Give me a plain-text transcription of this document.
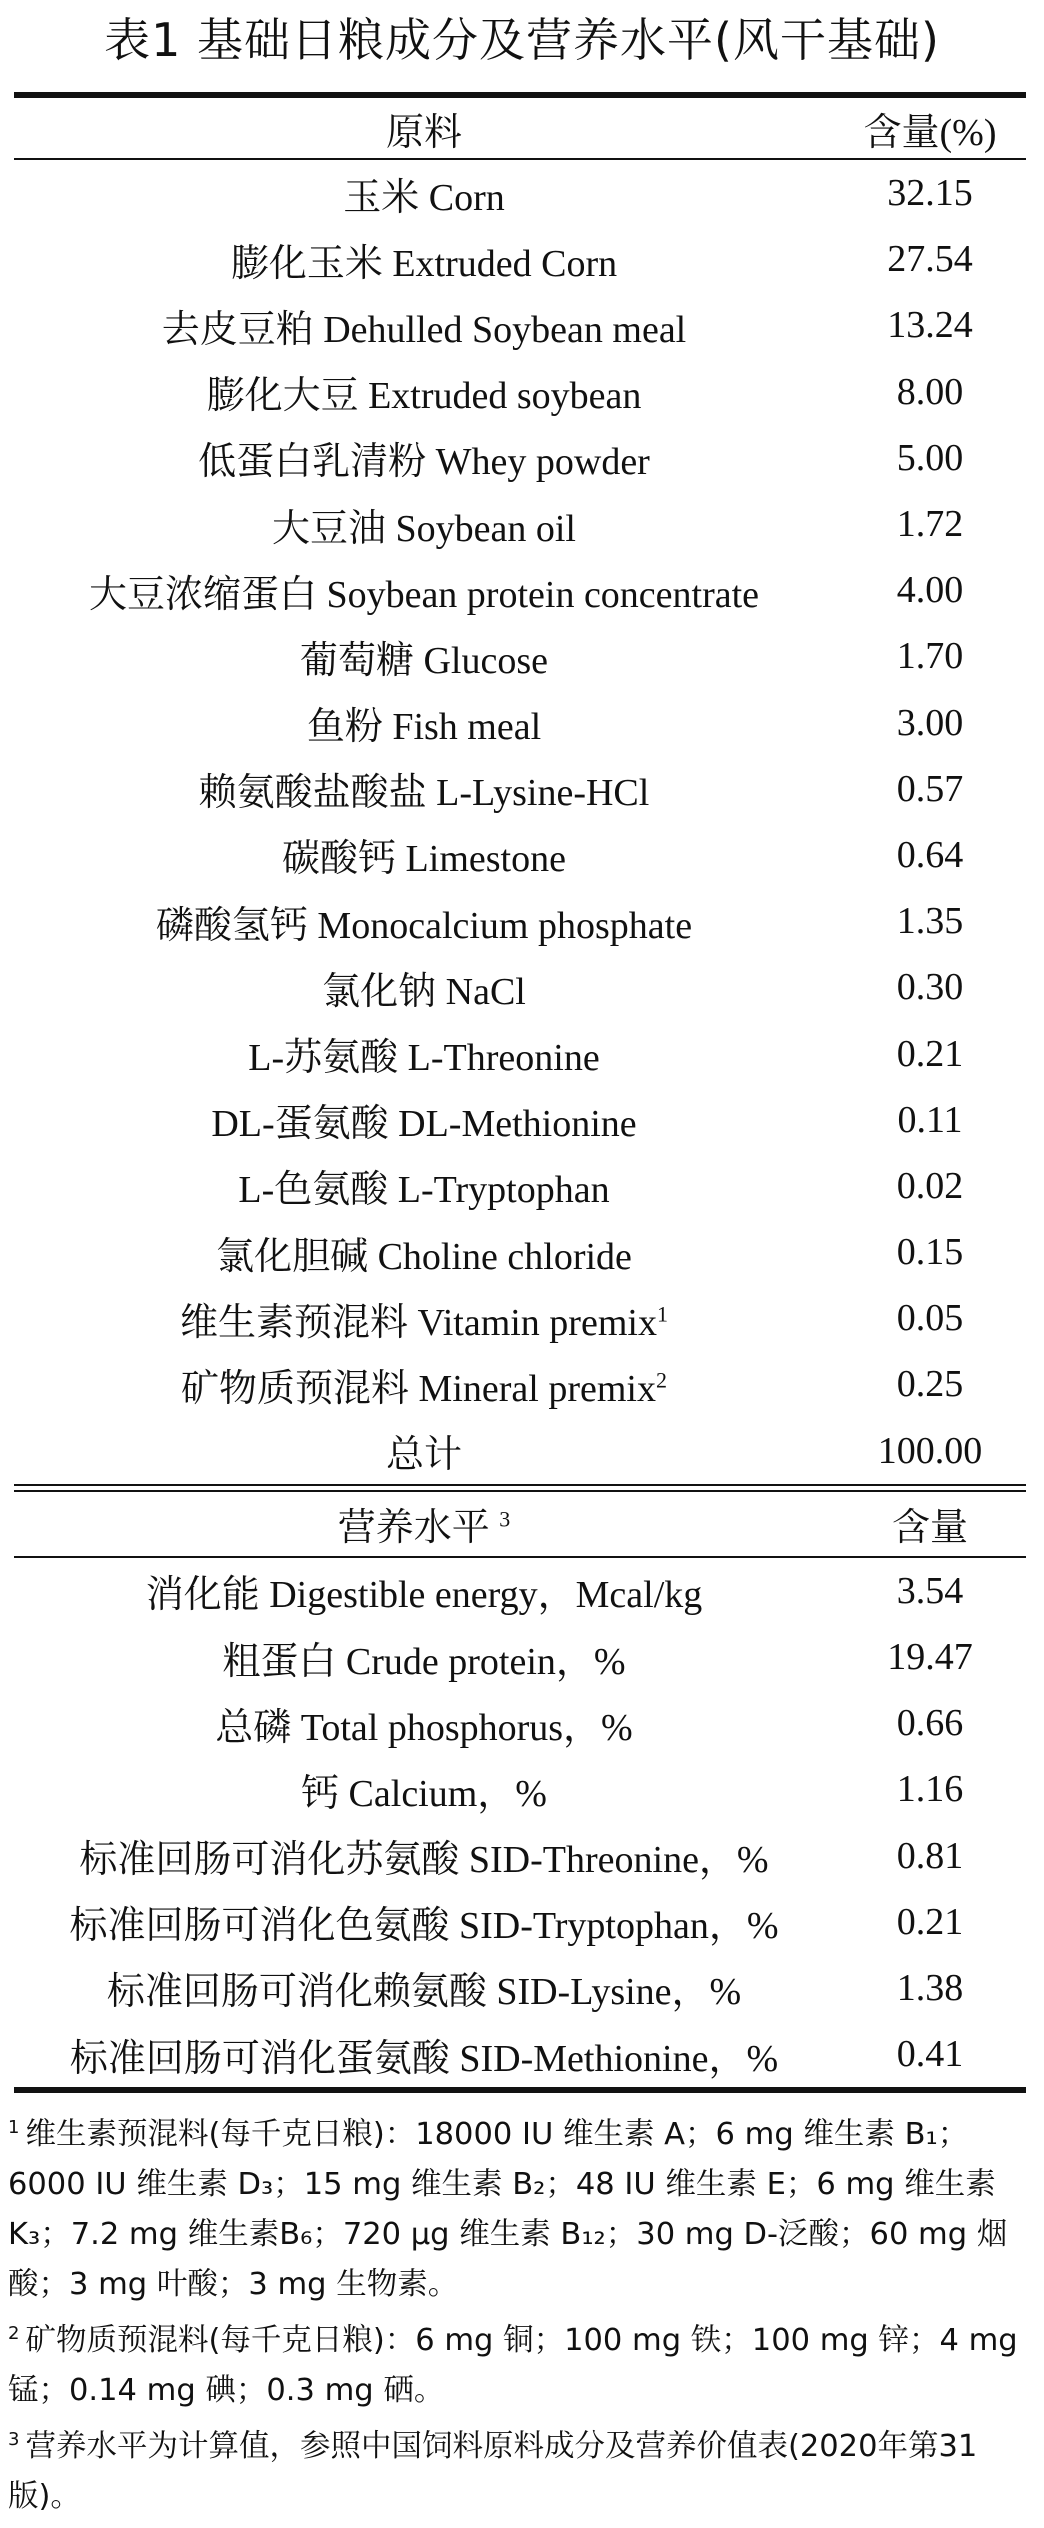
表1 基础日粮成分及营养水平(风干基础)
原料	含量(%)
玉米 Corn	32.15
膨化玉米 Extruded Corn	27.54
去皮豆粕 Dehulled Soybean meal	13.24
膨化大豆 Extruded soybean	8.00
低蛋白乳清粉 Whey powder	5.00
大豆油 Soybean oil	1.72
大豆浓缩蛋白 Soybean protein concentrate	4.00
葡萄糖 Glucose	1.70
鱼粉 Fish meal	3.00
赖氨酸盐酸盐 L-Lysine-HCl	0.57
碳酸钙 Limestone	0.64
磷酸氢钙 Monocalcium phosphate	1.35
氯化钠 NaCl	0.30
L-苏氨酸 L-Threonine	0.21
DL-蛋氨酸 DL-Methionine	0.11
L-色氨酸 L-Tryptophan	0.02
氯化胆碱 Choline chloride	0.15
维生素预混料 Vitamin premix$^1$	0.05
矿物质预混料 Mineral premix$^2$	0.25
总计	100.00
营养水平 $^3$	含量
消化能 Digestible energy，Mcal/kg	3.54
粗蛋白 Crude protein，%	19.47
总磷 Total phosphorus，%	0.66
钙 Calcium，%	1.16
标准回肠可消化苏氨酸 SID-Threonine，%	0.81
标准回肠可消化色氨酸 SID-Tryptophan，%	0.21
标准回肠可消化赖氨酸 SID-Lysine，%	1.38
标准回肠可消化蛋氨酸 SID-Methionine，%	0.41

$^1$ 维生素预混料(每千克日粮)：18000 IU 维生素 A；6 mg 维生素 B₁；6000 IU 维生素 D₃；15 mg 维生素 B₂；48 IU 维生素 E；6 mg 维生素 K₃；7.2 mg 维生素B₆；720 μg 维生素 B₁₂；30 mg D-泛酸；60 mg 烟酸；3 mg 叶酸；3 mg 生物素。

$^2$ 矿物质预混料(每千克日粮)：6 mg 铜；100 mg 铁；100 mg 锌；4 mg 锰；0.14 mg 碘；0.3 mg 硒。

$^3$ 营养水平为计算值，参照中国饲料原料成分及营养价值表(2020年第31版)。
